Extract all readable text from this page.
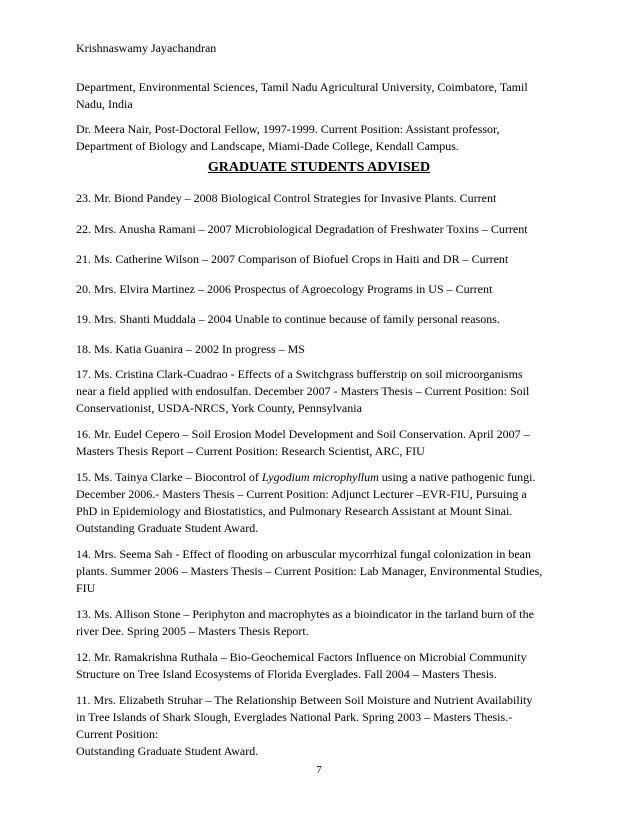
Krishnaswamy Jayachandran
Department, Environmental Sciences, Tamil Nadu Agricultural University, Coimbatore, Tamil
Nadu, India
Dr. Meera Nair, Post-Doctoral Fellow, 1997-1999. Current Position: Assistant professor,
Department of Biology and Landscape, Miami-Dade College, Kendall Campus.
GRADUATE STUDENTS ADVISED
23. Mr. Biond Pandey – 2008 Biological Control Strategies for Invasive Plants. Current
22. Mrs. Anusha Ramani – 2007 Microbiological Degradation of Freshwater Toxins – Current
21. Ms. Catherine Wilson – 2007 Comparison of Biofuel Crops in Haiti and DR – Current
20. Mrs. Elvira Martinez – 2006 Prospectus of Agroecology Programs in US – Current
19. Mrs. Shanti Muddala – 2004 Unable to continue because of family personal reasons.
18. Ms. Katia Guanira – 2002 In progress – MS
17. Ms. Cristina Clark-Cuadrao - Effects of a Switchgrass bufferstrip on soil microorganisms
near a field applied with endosulfan. December 2007 - Masters Thesis – Current Position: Soil
Conservationist, USDA-NRCS, York County, Pennsylvania
16. Mr. Eudel Cepero – Soil Erosion Model Development and Soil Conservation. April 2007 –
Masters Thesis Report – Current Position: Research Scientist, ARC, FIU
15. Ms. Tainya Clarke – Biocontrol of Lygodium microphyllum using a native pathogenic fungi.
December 2006.- Masters Thesis – Current Position: Adjunct Lecturer –EVR-FIU, Pursuing a
PhD in Epidemiology and Biostatistics, and Pulmonary Research Assistant at Mount Sinai.
Outstanding Graduate Student Award.
14. Mrs. Seema Sah - Effect of flooding on arbuscular mycorrhizal fungal colonization in bean
plants. Summer 2006 – Masters Thesis – Current Position: Lab Manager, Environmental Studies,
FIU
13. Ms. Allison Stone – Periphyton and macrophytes as a bioindicator in the tarland burn of the
river Dee. Spring 2005 – Masters Thesis Report.
12. Mr. Ramakrishna Ruthala – Bio-Geochemical Factors Influence on Microbial Community
Structure on Tree Island Ecosystems of Florida Everglades. Fall 2004 – Masters Thesis.
11. Mrs. Elizabeth Struhar – The Relationship Between Soil Moisture and Nutrient Availability
in Tree Islands of Shark Slough, Everglades National Park. Spring 2003 – Masters Thesis.-
Current Position:
Outstanding Graduate Student Award.
7
